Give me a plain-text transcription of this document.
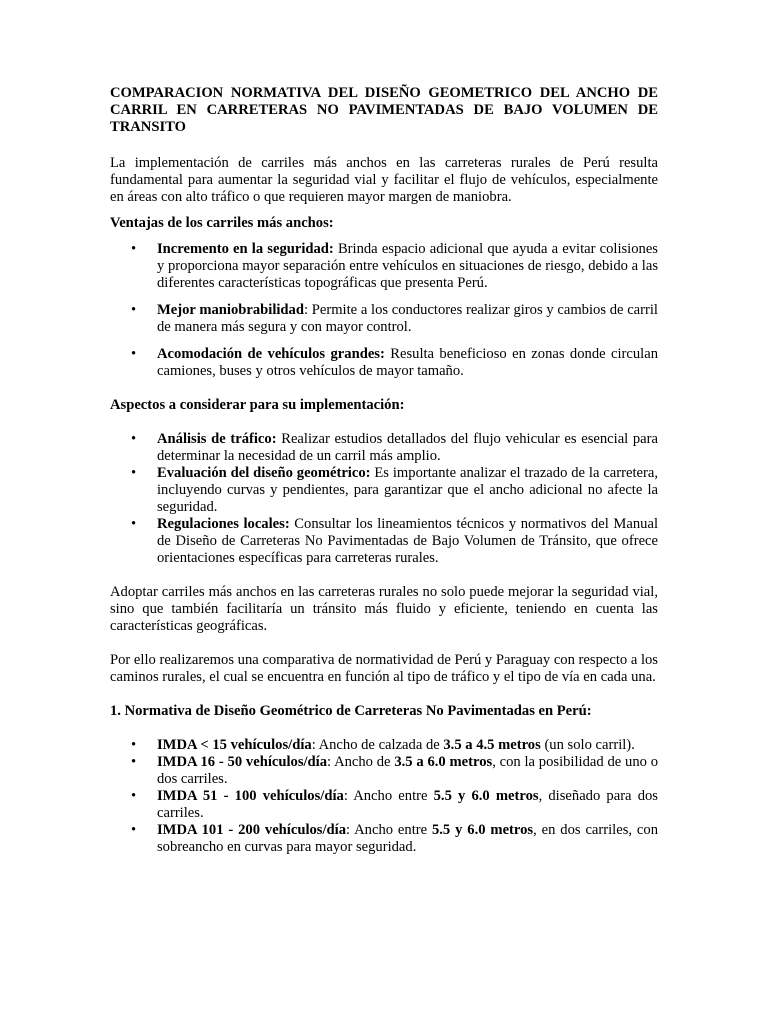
COMPARACION NORMATIVA DEL DISEÑO GEOMETRICO DEL ANCHO DE CARRIL EN CARRETERAS NO PAVIMENTADAS DE BAJO VOLUMEN DE TRANSITO

La implementación de carriles más anchos en las carreteras rurales de Perú resulta fundamental para aumentar la seguridad vial y facilitar el flujo de vehículos, especialmente en áreas con alto tráfico o que requieren mayor margen de maniobra.

Ventajas de los carriles más anchos:

• Incremento en la seguridad: Brinda espacio adicional que ayuda a evitar colisiones y proporciona mayor separación entre vehículos en situaciones de riesgo, debido a las diferentes características topográficas que presenta Perú.
• Mejor maniobrabilidad: Permite a los conductores realizar giros y cambios de carril de manera más segura y con mayor control.
• Acomodación de vehículos grandes: Resulta beneficioso en zonas donde circulan camiones, buses y otros vehículos de mayor tamaño.

Aspectos a considerar para su implementación:

• Análisis de tráfico: Realizar estudios detallados del flujo vehicular es esencial para determinar la necesidad de un carril más amplio.
• Evaluación del diseño geométrico: Es importante analizar el trazado de la carretera, incluyendo curvas y pendientes, para garantizar que el ancho adicional no afecte la seguridad.
• Regulaciones locales: Consultar los lineamientos técnicos y normativos del Manual de Diseño de Carreteras No Pavimentadas de Bajo Volumen de Tránsito, que ofrece orientaciones específicas para carreteras rurales.

Adoptar carriles más anchos en las carreteras rurales no solo puede mejorar la seguridad vial, sino que también facilitaría un tránsito más fluido y eficiente, teniendo en cuenta las características geográficas.

Por ello realizaremos una comparativa de normatividad de Perú y Paraguay con respecto a los caminos rurales, el cual se encuentra en función al tipo de tráfico y el tipo de vía en cada una.

1. Normativa de Diseño Geométrico de Carreteras No Pavimentadas en Perú:

• IMDA < 15 vehículos/día: Ancho de calzada de 3.5 a 4.5 metros (un solo carril).
• IMDA 16 - 50 vehículos/día: Ancho de 3.5 a 6.0 metros, con la posibilidad de uno o dos carriles.
• IMDA 51 - 100 vehículos/día: Ancho entre 5.5 y 6.0 metros, diseñado para dos carriles.
• IMDA 101 - 200 vehículos/día: Ancho entre 5.5 y 6.0 metros, en dos carriles, con sobreancho en curvas para mayor seguridad.
